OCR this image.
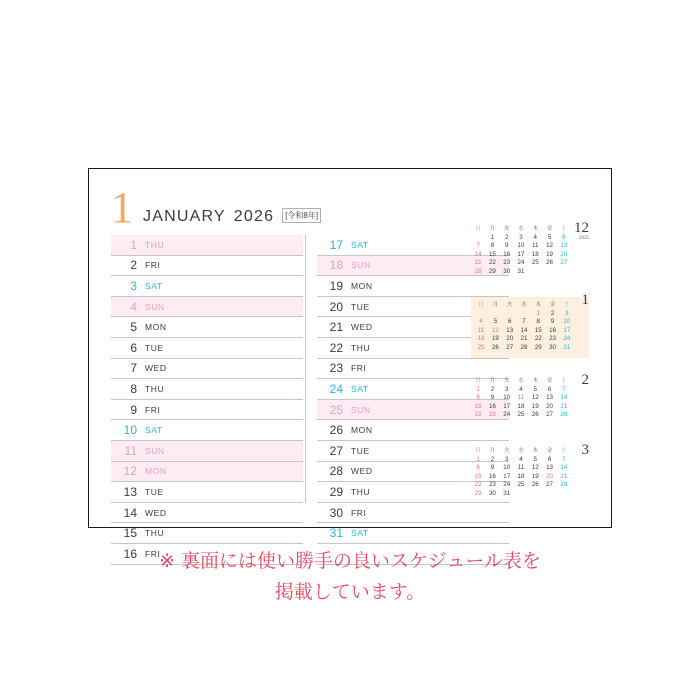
1 JANUARY 2026	[令和8年]
1 THU
2 FRI
3 SAT
4 SUN
5 MON
6 TUE
7 WED
8 THU
9 FRI
10 SAT
11 SUN
12 MON
13 TUE
14 WED
15 THU
16 FRI
17 SAT
18 SUN
19 MON
20 TUE
21 WED
22 THU
23 FRI
24 SAT
25 SUN
26 MON
27 TUE
28 WED
29 THU
30 FRI
31 SAT
12
2025
日	月	火	水	木	金	土
	1	2	3	4	5	6
7	8	9	10	11	12	13
14	15	16	17	18	19	20
21	22	23	24	25	26	27
28	29	30	31			
1
日	月	火	水	木	金	土
				1	2	3
4	5	6	7	8	9	10
11	12	13	14	15	16	17
18	19	20	21	22	23	24
25	26	27	28	29	30	31
2
日	月	火	水	木	金	土
1	2	3	4	5	6	7
8	9	10	11	12	13	14
15	16	17	18	19	20	21
22	23	24	25	26	27	28
3
日	月	火	水	木	金	土
1	2	3	4	5	6	7
8	9	10	11	12	13	14
15	16	17	18	19	20	21
22	23	24	25	26	27	28
29	30	31				
※ 裏面には使い勝手の良いスケジュール表を
掲載しています。
